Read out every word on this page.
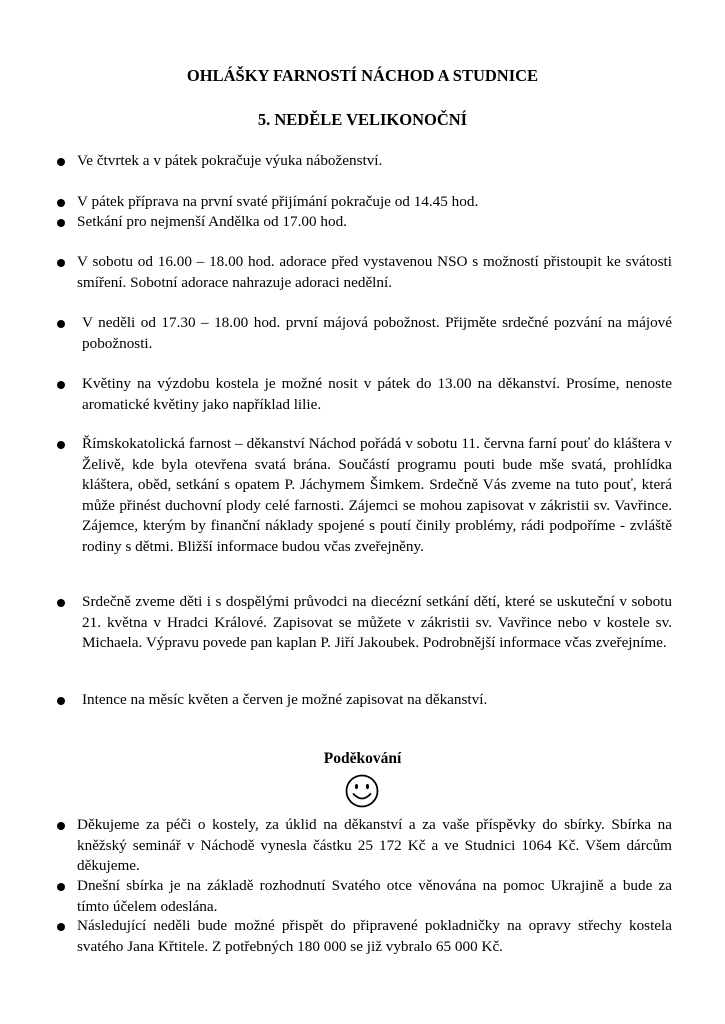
OHLÁŠKY FARNOSTÍ NÁCHOD A STUDNICE
5. NEDĚLE VELIKONOČNÍ

Ve čtvrtek a v pátek pokračuje výuka náboženství.

V pátek příprava na první svaté přijímání pokračuje od 14.45 hod.

Setkání pro nejmenší Andělka od 17.00 hod.

V sobotu od 16.00 – 18.00 hod. adorace před vystavenou NSO s možností přistoupit ke svátosti smíření. Sobotní adorace nahrazuje adoraci nedělní.

V neděli od 17.30 – 18.00 hod. první májová pobožnost. Přijměte srdečné pozvání na májové pobožnosti.

Květiny na výzdobu kostela je možné nosit v pátek do 13.00 na děkanství. Prosíme, nenoste aromatické květiny jako například lilie.

Římskokatolická farnost – děkanství Náchod pořádá v sobotu 11. června farní pouť do kláštera v Želivě, kde byla otevřena svatá brána. Součástí programu pouti bude mše svatá, prohlídka kláštera, oběd, setkání s opatem P. Jáchymem Šimkem. Srdečně Vás zveme na tuto pouť, která může přinést duchovní plody celé farnosti. Zájemci se mohou zapisovat v zákristii sv. Vavřince. Zájemce, kterým by finanční náklady spojené s poutí činily problémy, rádi podpoříme - zvláště rodiny s dětmi. Bližší informace budou včas zveřejněny.

Srdečně zveme děti i s dospělými průvodci na diecézní setkání dětí, které se uskuteční v sobotu 21. května v Hradci Králové. Zapisovat se můžete v zákristii sv. Vavřince nebo v kostele sv. Michaela. Výpravu povede pan kaplan P. Jiří Jakoubek. Podrobnější informace včas zveřejníme.

Intence na měsíc květen a červen je možné zapisovat na děkanství.

Poděkování

Děkujeme za péči o kostely, za úklid na děkanství a za vaše příspěvky do sbírky. Sbírka na kněžský seminář v Náchodě vynesla částku 25 172 Kč a ve Studnici 1064 Kč. Všem dárcům děkujeme.

Dnešní sbírka je na základě rozhodnutí Svatého otce věnována na pomoc Ukrajině a bude za tímto účelem odeslána.

Následující neděli bude možné přispět do připravené pokladničky na opravy střechy kostela svatého Jana Křtitele. Z potřebných 180 000 se již vybralo 65 000 Kč.
